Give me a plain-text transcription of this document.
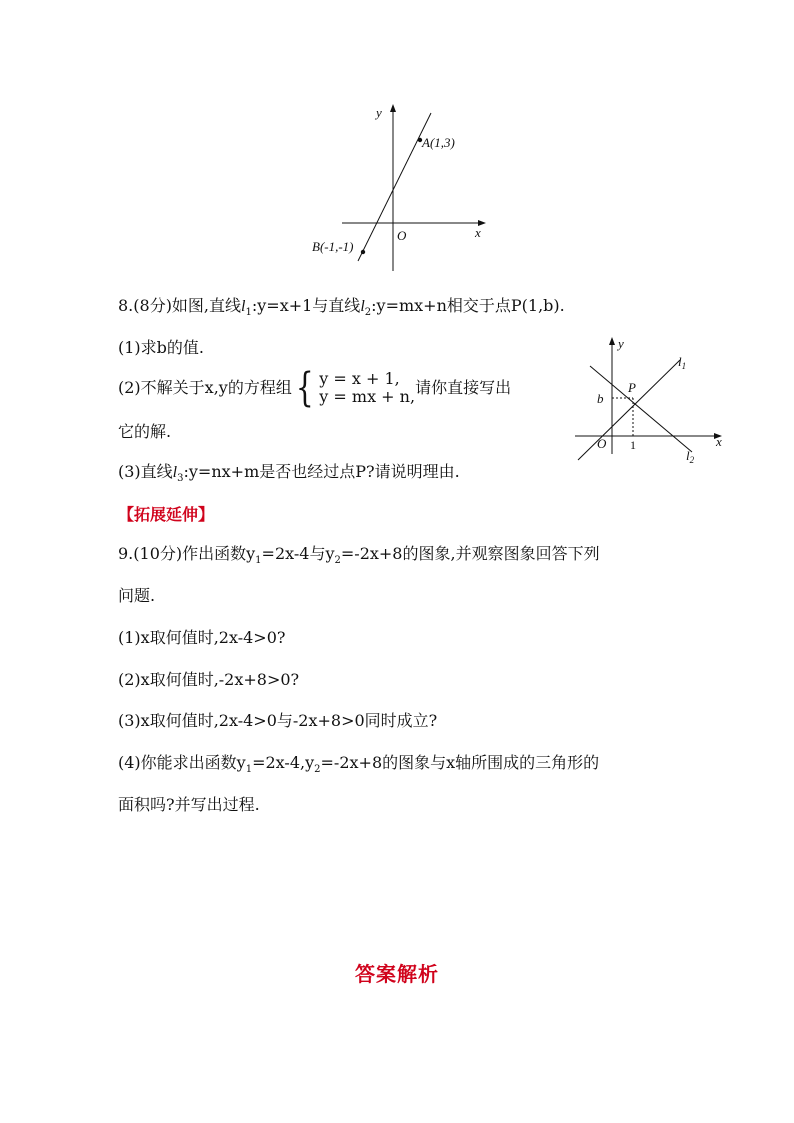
y
x
O
A(1,3)
B(-1,-1)
8.(8分)如图,直线$l_1:y=x+1$与直线$l_2:y=mx+n$相交于点P(1,b).
(1)求b的值.
(2)不解关于x,y的方程组 { y = x + 1,
y = mx + n, 请你直接写出
它的解.
(3)直线$l_3:y=nx+m$是否也经过点P?请说明理由.
y
x
O
P
b
1
$l_1$
$l_2$
【拓展延伸】
9.(10分)作出函数$y_1=2x-4$与$y_2=-2x+8$的图象,并观察图象回答下列
问题.
(1)x取何值时,2x-4>0?
(2)x取何值时,-2x+8>0?
(3)x取何值时,2x-4>0与-2x+8>0同时成立?
(4)你能求出函数$y_1=2x-4,y_2=-2x+8$的图象与x轴所围成的三角形的
面积吗?并写出过程.
答案解析
